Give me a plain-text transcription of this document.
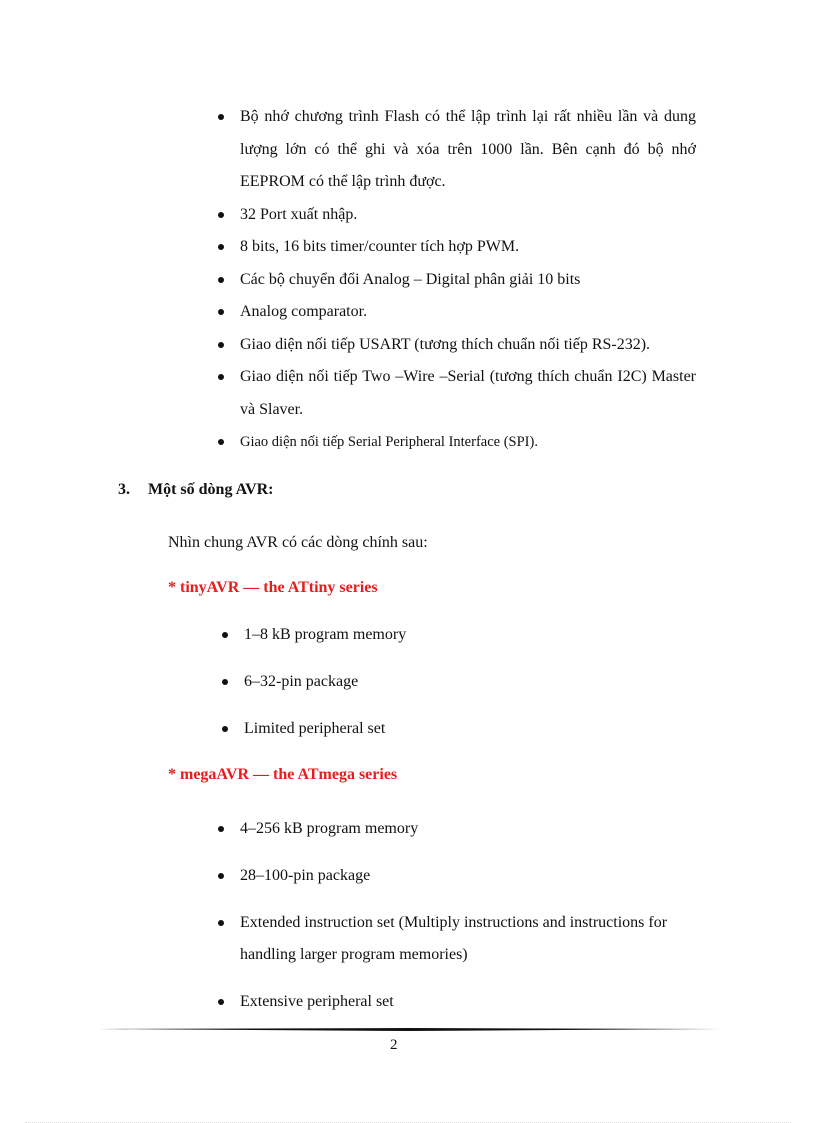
Bộ nhớ chương trình Flash có thể lập trình lại rất nhiều lần và dung lượng lớn có thể ghi và xóa trên 1000 lần. Bên cạnh đó bộ nhớ EEPROM có thể lập trình được.
32 Port xuất nhập.
8 bits, 16 bits timer/counter tích hợp PWM.
Các bộ chuyển đổi Analog – Digital phân giải 10 bits
Analog comparator.
Giao diện nối tiếp USART (tương thích chuẩn nối tiếp RS-232).
Giao diện nối tiếp Two –Wire –Serial (tương thích chuẩn I2C) Master và Slaver.
Giao diện nối tiếp Serial Peripheral Interface (SPI).
3. Một số dòng AVR:
Nhìn chung AVR có các dòng chính sau:
* tinyAVR — the ATtiny series
1–8 kB program memory
6–32-pin package
Limited peripheral set
* megaAVR — the ATmega series
4–256 kB program memory
28–100-pin package
Extended instruction set (Multiply instructions and instructions for handling larger program memories)
Extensive peripheral set
2
